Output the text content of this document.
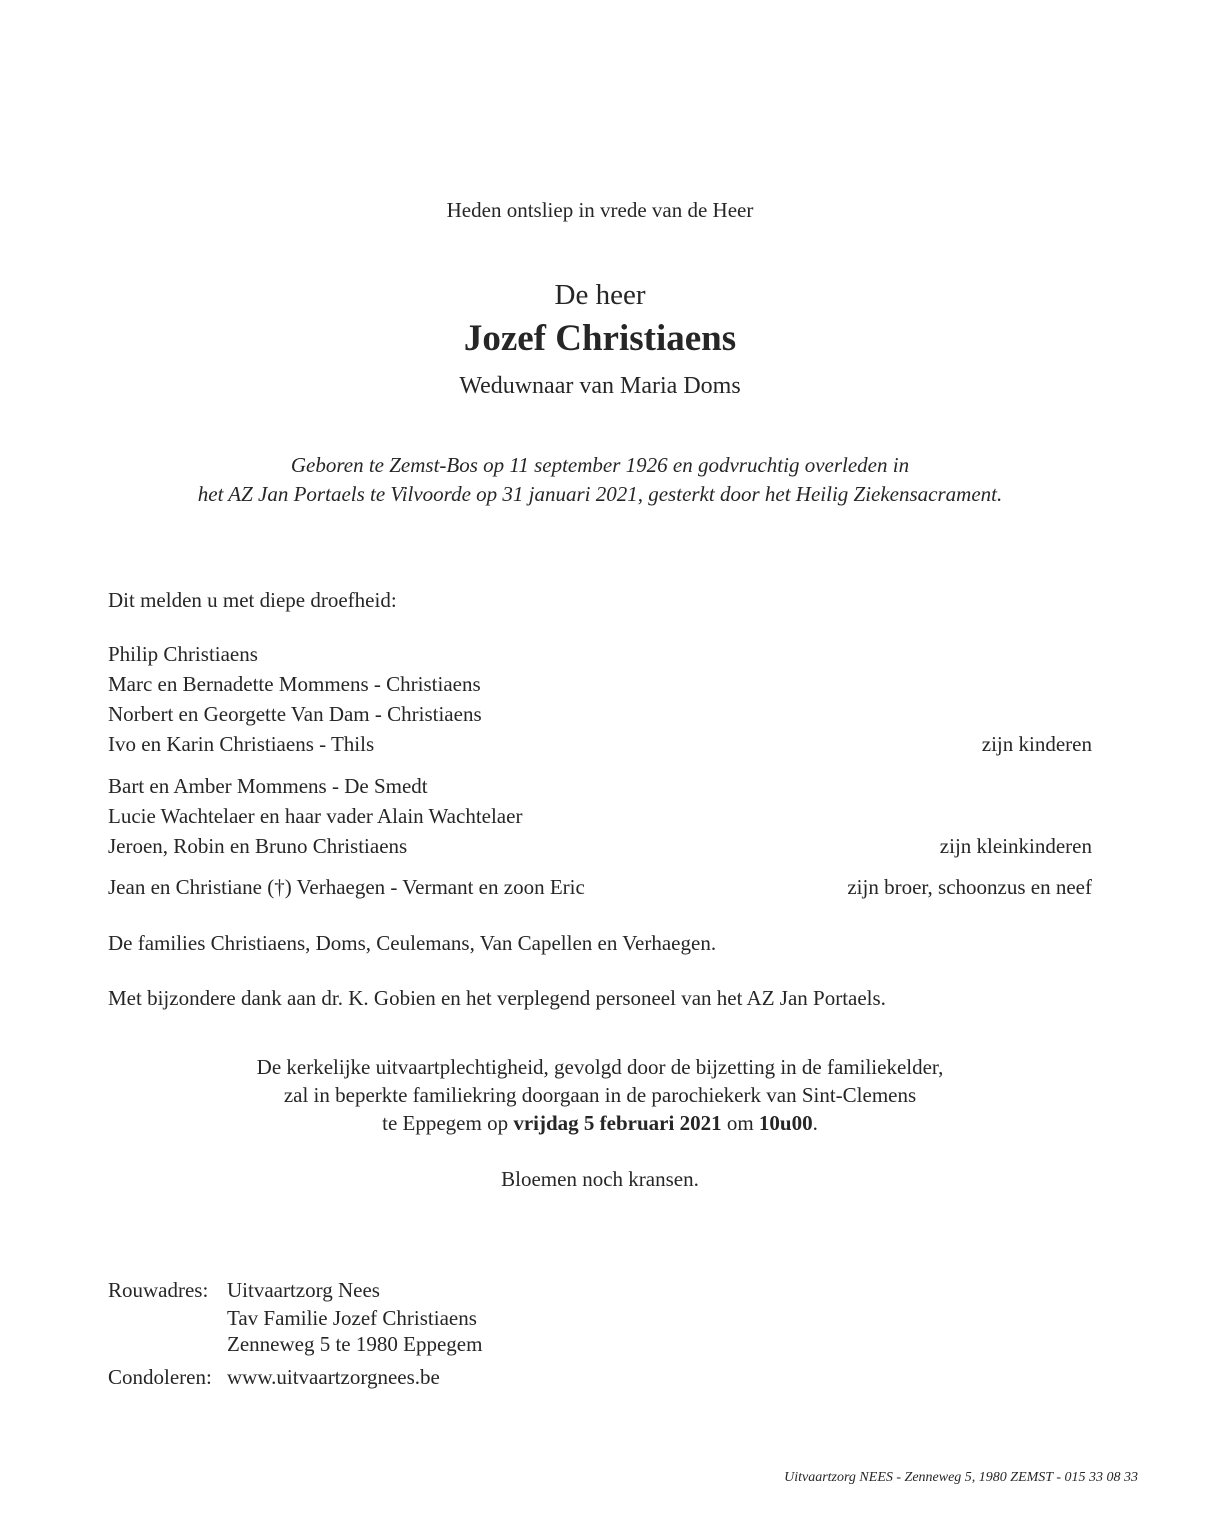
Heden ontsliep in vrede van de Heer
De heer
Jozef Christiaens
Weduwnaar van Maria Doms
Geboren te Zemst-Bos op 11 september 1926 en godvruchtig overleden in
het AZ Jan Portaels te Vilvoorde op 31 januari 2021, gesterkt door het Heilig Ziekensacrament.
Dit melden u met diepe droefheid:
Philip Christiaens
Marc en Bernadette Mommens - Christiaens
Norbert en Georgette Van Dam - Christiaens
Ivo en Karin Christiaens - Thils	zijn kinderen
Bart en Amber Mommens - De Smedt
Lucie Wachtelaer en haar vader Alain Wachtelaer
Jeroen, Robin en Bruno Christiaens	zijn kleinkinderen
Jean en Christiane (†) Verhaegen - Vermant en zoon Eric	zijn broer, schoonzus en neef
De families Christiaens, Doms, Ceulemans, Van Capellen en Verhaegen.
Met bijzondere dank aan dr. K. Gobien en het verplegend personeel van het AZ Jan Portaels.
De kerkelijke uitvaartplechtigheid, gevolgd door de bijzetting in de familiekelder,
zal in beperkte familiekring doorgaan in de parochiekerk van Sint-Clemens
te Eppegem op vrijdag 5 februari 2021 om 10u00.
Bloemen noch kransen.
Rouwadres: Uitvaartzorg Nees
Tav Familie Jozef Christiaens
Zenneweg 5 te 1980 Eppegem
Condoleren: www.uitvaartzorgnees.be
Uitvaartzorg NEES - Zenneweg 5, 1980 ZEMST - 015 33 08 33
